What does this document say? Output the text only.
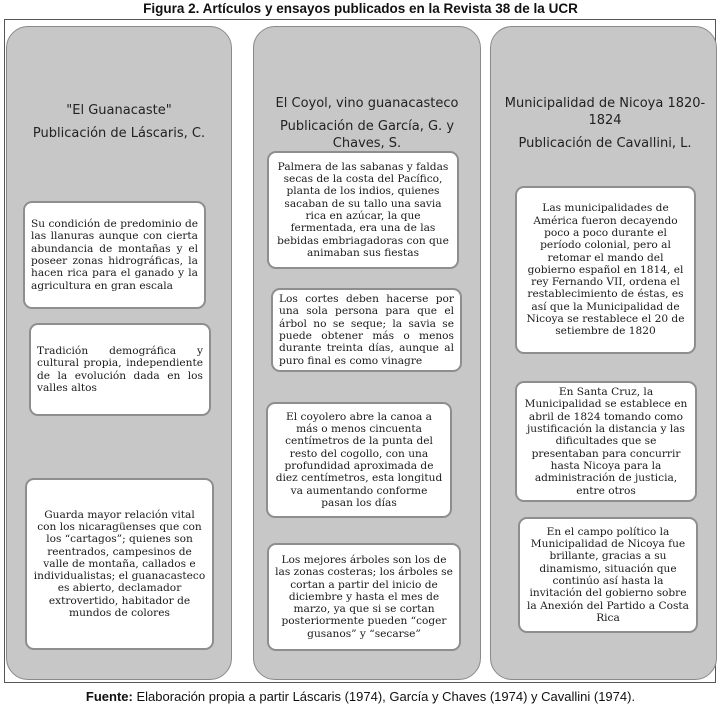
Figura 2. Artículos y ensayos publicados en la Revista 38 de la UCR
"El Guanacaste"
Publicación de Láscaris, C.
Su condición de predominio de las llanuras aunque con cierta abundancia de montañas y el poseer zonas hidrográficas, la hacen rica para el ganado y la agricultura en gran escala
Tradición demográfica y cultural propia, independiente de la evolución dada en los valles altos
Guarda mayor relación vital con los nicaragüenses que con los “cartagos”; quienes son reentrados, campesinos de valle de montaña, callados e individualistas; el guanacasteco es abierto, declamador extrovertido, habitador de mundos de colores
El Coyol, vino guanacasteco
Publicación de García, G. y Chaves, S.
Palmera de las sabanas y faldas secas de la costa del Pacífico, planta de los indios, quienes sacaban de su tallo una savia rica en azúcar, la que fermentada, era una de las bebidas embriagadoras con que animaban sus fiestas
Los cortes deben hacerse por una sola persona para que el árbol no se seque; la savia se puede obtener más o menos durante treinta días, aunque al puro final es como vinagre
El coyolero abre la canoa a más o menos cincuenta centímetros de la punta del resto del cogollo, con una profundidad aproximada de diez centímetros, esta longitud va aumentando conforme pasan los días
Los mejores árboles son los de las zonas costeras; los árboles se cortan a partir del inicio de diciembre y hasta el mes de marzo, ya que si se cortan posteriormente pueden “coger gusanos” y “secarse”
Municipalidad de Nicoya 1820-1824
Publicación de Cavallini, L.
Las municipalidades de América fueron decayendo poco a poco durante el período colonial, pero al retomar el mando del gobierno español en 1814, el rey Fernando VII, ordena el restablecimiento de éstas, es así que la Municipalidad de Nicoya se restablece el 20 de setiembre de 1820
En Santa Cruz, la Municipalidad se establece en abril de 1824 tomando como justificación la distancia y las dificultades que se presentaban para concurrir hasta Nicoya para la administración de justicia, entre otros
En el campo político la Municipalidad de Nicoya fue brillante, gracias a su dinamismo, situación que continúo así hasta la invitación del gobierno sobre la Anexión del Partido a Costa Rica
Fuente: Elaboración propia a partir Láscaris (1974), García y Chaves (1974) y Cavallini (1974).
